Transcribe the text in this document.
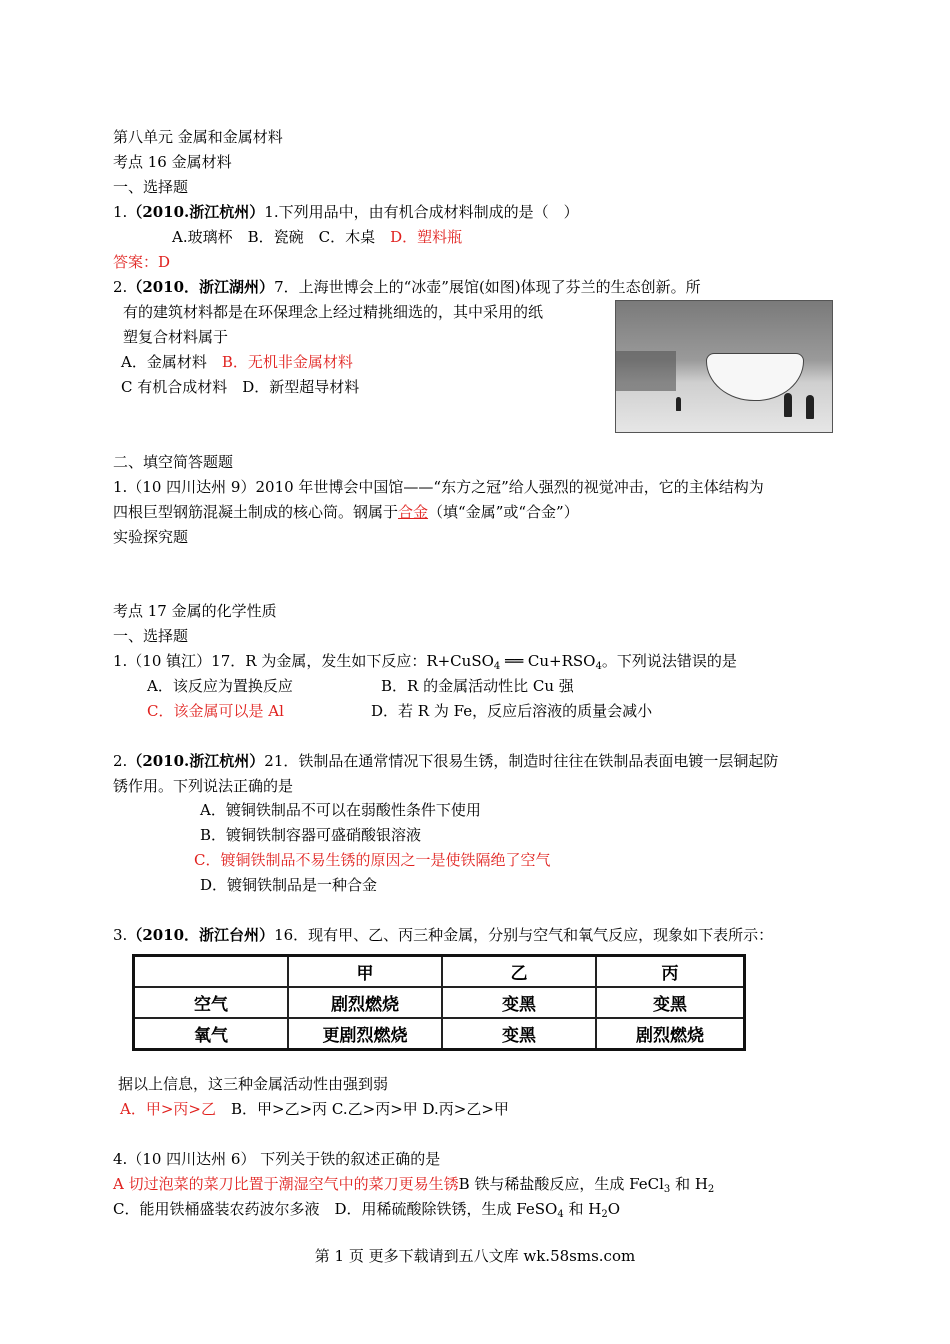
第八单元 金属和金属材料
考点 16 金属材料
一、选择题
1.（2010.浙江杭州）1.下列用品中，由有机合成材料制成的是（　）
A.玻璃杯　B．瓷碗　C．木桌　D．塑料瓶
答案：D
2.（2010．浙江湖州）7．上海世博会上的“冰壶”展馆(如图)体现了芬兰的生态创新。所
有的建筑材料都是在环保理念上经过精挑细选的，其中采用的纸
塑复合材料属于
A．金属材料　B．无机非金属材料
C 有机合成材料　D．新型超导材料
二、填空简答题题
1.（10 四川达州 9）2010 年世博会中国馆——“东方之冠”给人强烈的视觉冲击，它的主体结构为
四根巨型钢筋混凝土制成的核心筒。钢属于合金（填“金属”或“合金”）
实验探究题
考点 17 金属的化学性质
一、选择题
1.（10 镇江）17．R 为金属，发生如下反应：R+CuSO$_4$ ══ $Cu+RSO_4$。下列说法错误的是
A．该反应为置换反应	B．R 的金属活动性比 Cu 强
C．该金属可以是 Al	D．若 R 为 Fe，反应后溶液的质量会减小
2.（2010.浙江杭州）21．铁制品在通常情况下很易生锈，制造时往往在铁制品表面电镀一层铜起防
锈作用。下列说法正确的是
A．镀铜铁制品不可以在弱酸性条件下使用
B．镀铜铁制容器可盛硝酸银溶液
C．镀铜铁制品不易生锈的原因之一是使铁隔绝了空气
D．镀铜铁制品是一种合金
3.（2010．浙江台州）16．现有甲、乙、丙三种金属，分别与空气和氧气反应，现象如下表所示：
	甲	乙	丙
空气	剧烈燃烧	变黑	变黑
氧气	更剧烈燃烧	变黑	剧烈燃烧
据以上信息，这三种金属活动性由强到弱
A．甲>丙>乙　B．甲>乙>丙 C.乙>丙>甲 D.丙>乙>甲
4.（10 四川达州 6） 下列关于铁的叙述正确的是
A 切过泡菜的菜刀比置于潮湿空气中的菜刀更易生锈B 铁与稀盐酸反应，生成 FeCl$_3$ 和 $H_2$
C．能用铁桶盛装农药波尔多液　D．用稀硫酸除铁锈，生成 FeSO$_4$ 和 $H_2O$
第 1 页 更多下载请到五八文库 wk.58sms.com
